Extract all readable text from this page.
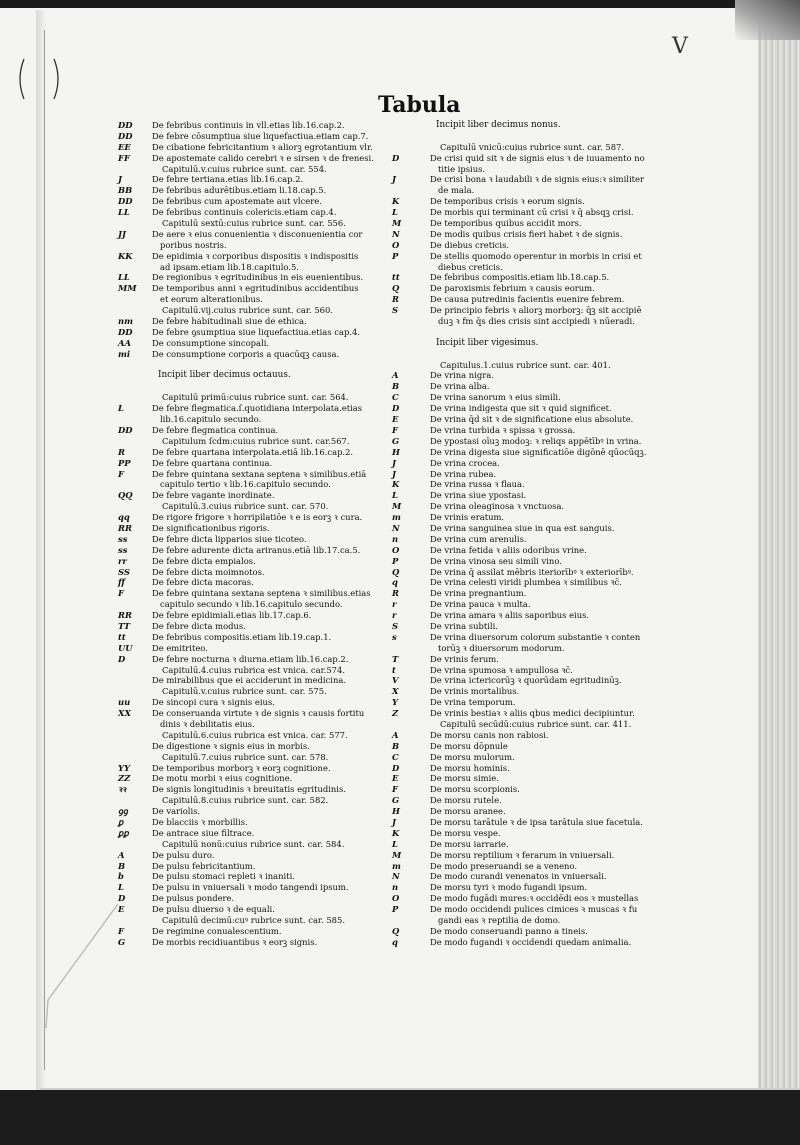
V
Tabula
DD	De febribus continuis in vll.etias lib.16.cap.2.
DD	De febre cōsumptiua siue liquefactiua.etiam cap.7.
EE	De cibatione febricitantium ꝛ aliorꝫ egrotantium vlr.
FF	De apostemate calido cerebri ꝛ e sirsen ꝛ de frenesi.
Capitulū.v.cuius rubrice sunt. car. 554.
J	De febre tertiana.etias lib.16.cap.2.
BB	De febribus adurētibus.etiam li.18.cap.5.
DD	De febribus cum apostemate aut vlcere.
LL	De febribus continuis colericis.etiam cap.4.
Capitulū sextū:cuius rubrice sunt. car. 556.
JJ	De aere ꝛ eius conuenientia ꝛ disconuenientia cor
poribus nostris.
KK	De epidimia ꝛ corporibus dispositis ꝛ indispositis
ad ipsam.etiam lib.18.capitulo.5.
LL	De regionibus ꝛ egritudinibus in eis euenientibus.
MM	De temporibus anni ꝛ egritudinibus accidentibus
et eorum alterationibus.
Capitulū.vij.cuius rubrice sunt. car. 560.
nm	De febre habitudinali siue de ethica.
DD	De febre ꝯsumptiua siue liquefactiua.etias cap.4.
AA	De consumptione sincopali.
mi	De consumptione corporis a quacūqꝫ causa.
Incipit liber decimus octauus.
Capitulū primū:cuius rubrice sunt. car. 564.
L	De febre flegmatica.ſ.quotidiana interpolata.etias
lib.16.capitulo secundo.
DD	De febre flegmatica continua.
Capitulum ſcdm:cuius rubrice sunt. car.567.
R	De febre quartana interpolata.etiā lib.16.cap.2.
PP	De febre quartana continua.
F	De febre quintana sextana septena ꝛ similibus.etiā
capitulo tertio ꝛ lib.16.capitulo secundo.
QQ	De febre vagante inordinate.
Capitulū.3.cuius rubrice sunt. car. 570.
qq	De rigore frigore ꝛ horripilatiōe ꝛ e is eorꝫ ꝛ cura.
RR	De significationibus rigoris.
ss	De febre dicta lipparios siue ticoteo.
ss	De febre adurente dicta ariranus.etiā lib.17.ca.5.
rr	De febre dicta empialos.
SS	De febre dicta moimnotos.
ff	De febre dicta macoras.
F	De febre quintana sextana septena ꝛ similibus.etias
capitulo secundo ꝛ lib.16.capitulo secundo.
RR	De febre epidimiali.etias lib.17.cap.6.
TT	De febre dicta modus.
tt	De febribus compositis.etiam lib.19.cap.1.
UU	De emitriteo.
D	De febre nocturna ꝛ diurna.etiam lib.16.cap.2.
Capitulū.4.cuius rubrica est vnica. car.574.
De mirabilibus que ei acciderunt in medicina.
Capitulū.v.cuius rubrice sunt. car. 575.
uu	De sincopi cura ꝛ signis eius.
XX	De conseruanda virtute ꝛ de signis ꝛ causis fortitu
dinis ꝛ debilitatis eius.
Capitulū.6.cuius rubrica est vnica. car. 577.
De digestione ꝛ signis eius in morbis.
Capitulū.7.cuius rubrice sunt. car. 578.
YY	De temporibus morborꝫ ꝛ eorꝫ cognitione.
ZZ	De motu morbi ꝛ eius cognitione.
ꝛꝛ	De signis longitudinis ꝛ breuitatis egritudinis.
Capitulū.8.cuius rubrice sunt. car. 582.
ꝯꝯ	De variolis.
ꝑ	De blacciis ꝛ morbillis.
ꝑꝑ	De antrace siue filtrace.
Capitulū nonū:cuius rubrice sunt. car. 584.
A	De pulsu duro.
B	De pulsu febricitantium.
b	De pulsu stomaci repleti ꝛ inaniti.
L	De pulsu in vniuersali ꝛ modo tangendi ipsum.
D	De pulsus pondere.
E	De pulsu diuerso ꝛ de equali.
Capitulū decimū:cuꝰ rubrice sunt. car. 585.
F	De regimine conualescentium.
G	De morbis recidiuantibus ꝛ eorꝫ signis.
Incipit liber decimus nonus.
Capitulū vnicū:cuius rubrice sunt. car. 587.
D	De crisi quid sit ꝛ de signis eius ꝛ de iuuamento no
titie ipsius.
J	De crisi bona ꝛ laudabili ꝛ de signis eius:ꝛ similiter
de mala.
K	De temporibus crisis ꝛ eorum signis.
L	De morbis qui terminant cū crisi ꝛ q̄ absqꝫ crisi.
M	De temporibus quibus accidit mors.
N	De modis quibus crisis fieri habet ꝛ de signis.
O	De diebus creticis.
P	De stellis quomodo operentur in morbis in crisi et
diebus creticis.
tt	De febribus compositis.etiam lib.18.cap.5.
Q	De paroxismis febrium ꝛ causis eorum.
R	De causa putredinis facientis euenire febrem.
S	De principio febris ꝛ aliorꝫ morborꝫ: q̄ꝫ sit accipiē
duꝫ ꝛ fm q̄s dies crisis sint accipiedi ꝛ nūeradi.
Incipit liber vigesimus.
Capitulus.1.cuius rubrice sunt. car. 401.
A	De vrina nigra.
B	De vrina alba.
C	De vrina sanorum ꝛ eius simili.
D	De vrina indigesta que sit ꝛ quid significet.
E	De vrina q̄d sit ꝛ de significatione eius absolute.
F	De vrina turbida ꝛ spissa ꝛ grossa.
G	De ypostasi oīuꝫ modoꝫ: ꝛ reliqs appētībꝰ in vrina.
H	De vrina digesta siue significatiōe digōnē qūocūqꝫ.
J	De vrina crocea.
J	De vrina rubea.
K	De vrina russa ꝛ flaua.
L	De vrina siue ypostasi.
M	De vrina oleaginosa ꝛ vnctuosa.
m	De vrinis eratum.
N	De vrina sanguinea siue in qua est sanguis.
n	De vrina cum arenulis.
O	De vrina fetida ꝛ aliis odoribus vrine.
P	De vrina vinosa seu simili vino.
Q	De vrina q̄ assilat mēbris iteriorībꝰ ꝛ exteriorībꝰ.
q	De vrina celesti viridi plumbea ꝛ similibus ꝛc̄.
R	De vrina pregnantium.
r	De vrina pauca ꝛ multa.
r	De vrina amara ꝛ aliis saporibus eius.
S	De vrina subtili.
s	De vrina diuersorum colorum substantie ꝛ conten
torūꝫ ꝛ diuersorum modorum.
T	De vrinis ferum.
t	De vrina spumosa ꝛ ampullosa ꝛc̄.
V	De vrina ictericorūꝫ ꝛ quorūdam egritudinūꝫ.
X	De vrinis mortalibus.
Y	De vrina temporum.
Z	De vrinis bestiaꝛ ꝛ aliis qbus medici decipiuntur.
Capitulū secūdū:cuius rubrice sunt. car. 411.
A	De morsu canis non rabiosi.
B	De morsu dōpnule
C	De morsu mulorum.
D	De morsu hominis.
E	De morsu simie.
F	De morsu scorpionis.
G	De morsu rutele.
H	De morsu aranee.
J	De morsu tarātule ꝛ de ipsa tarātula siue facetula.
K	De morsu vespe.
L	De morsu iarrarie.
M	De morsu reptilium ꝛ ferarum in vniuersali.
m	De modo preseruandi se a veneno.
N	De modo curandi venenatos in vniuersali.
n	De morsu tyri ꝛ modo fugandi ipsum.
O	De modo fugādi mures:ꝛ occidēdi eos ꝛ mustellas
P	De modo occidendi pulices cimices ꝛ muscas ꝛ fu
gandi eas ꝛ reptilia de domo.
Q	De modo conseruandi panno a tineis.
q	De modo fugandi ꝛ occidendi quedam animalia.
